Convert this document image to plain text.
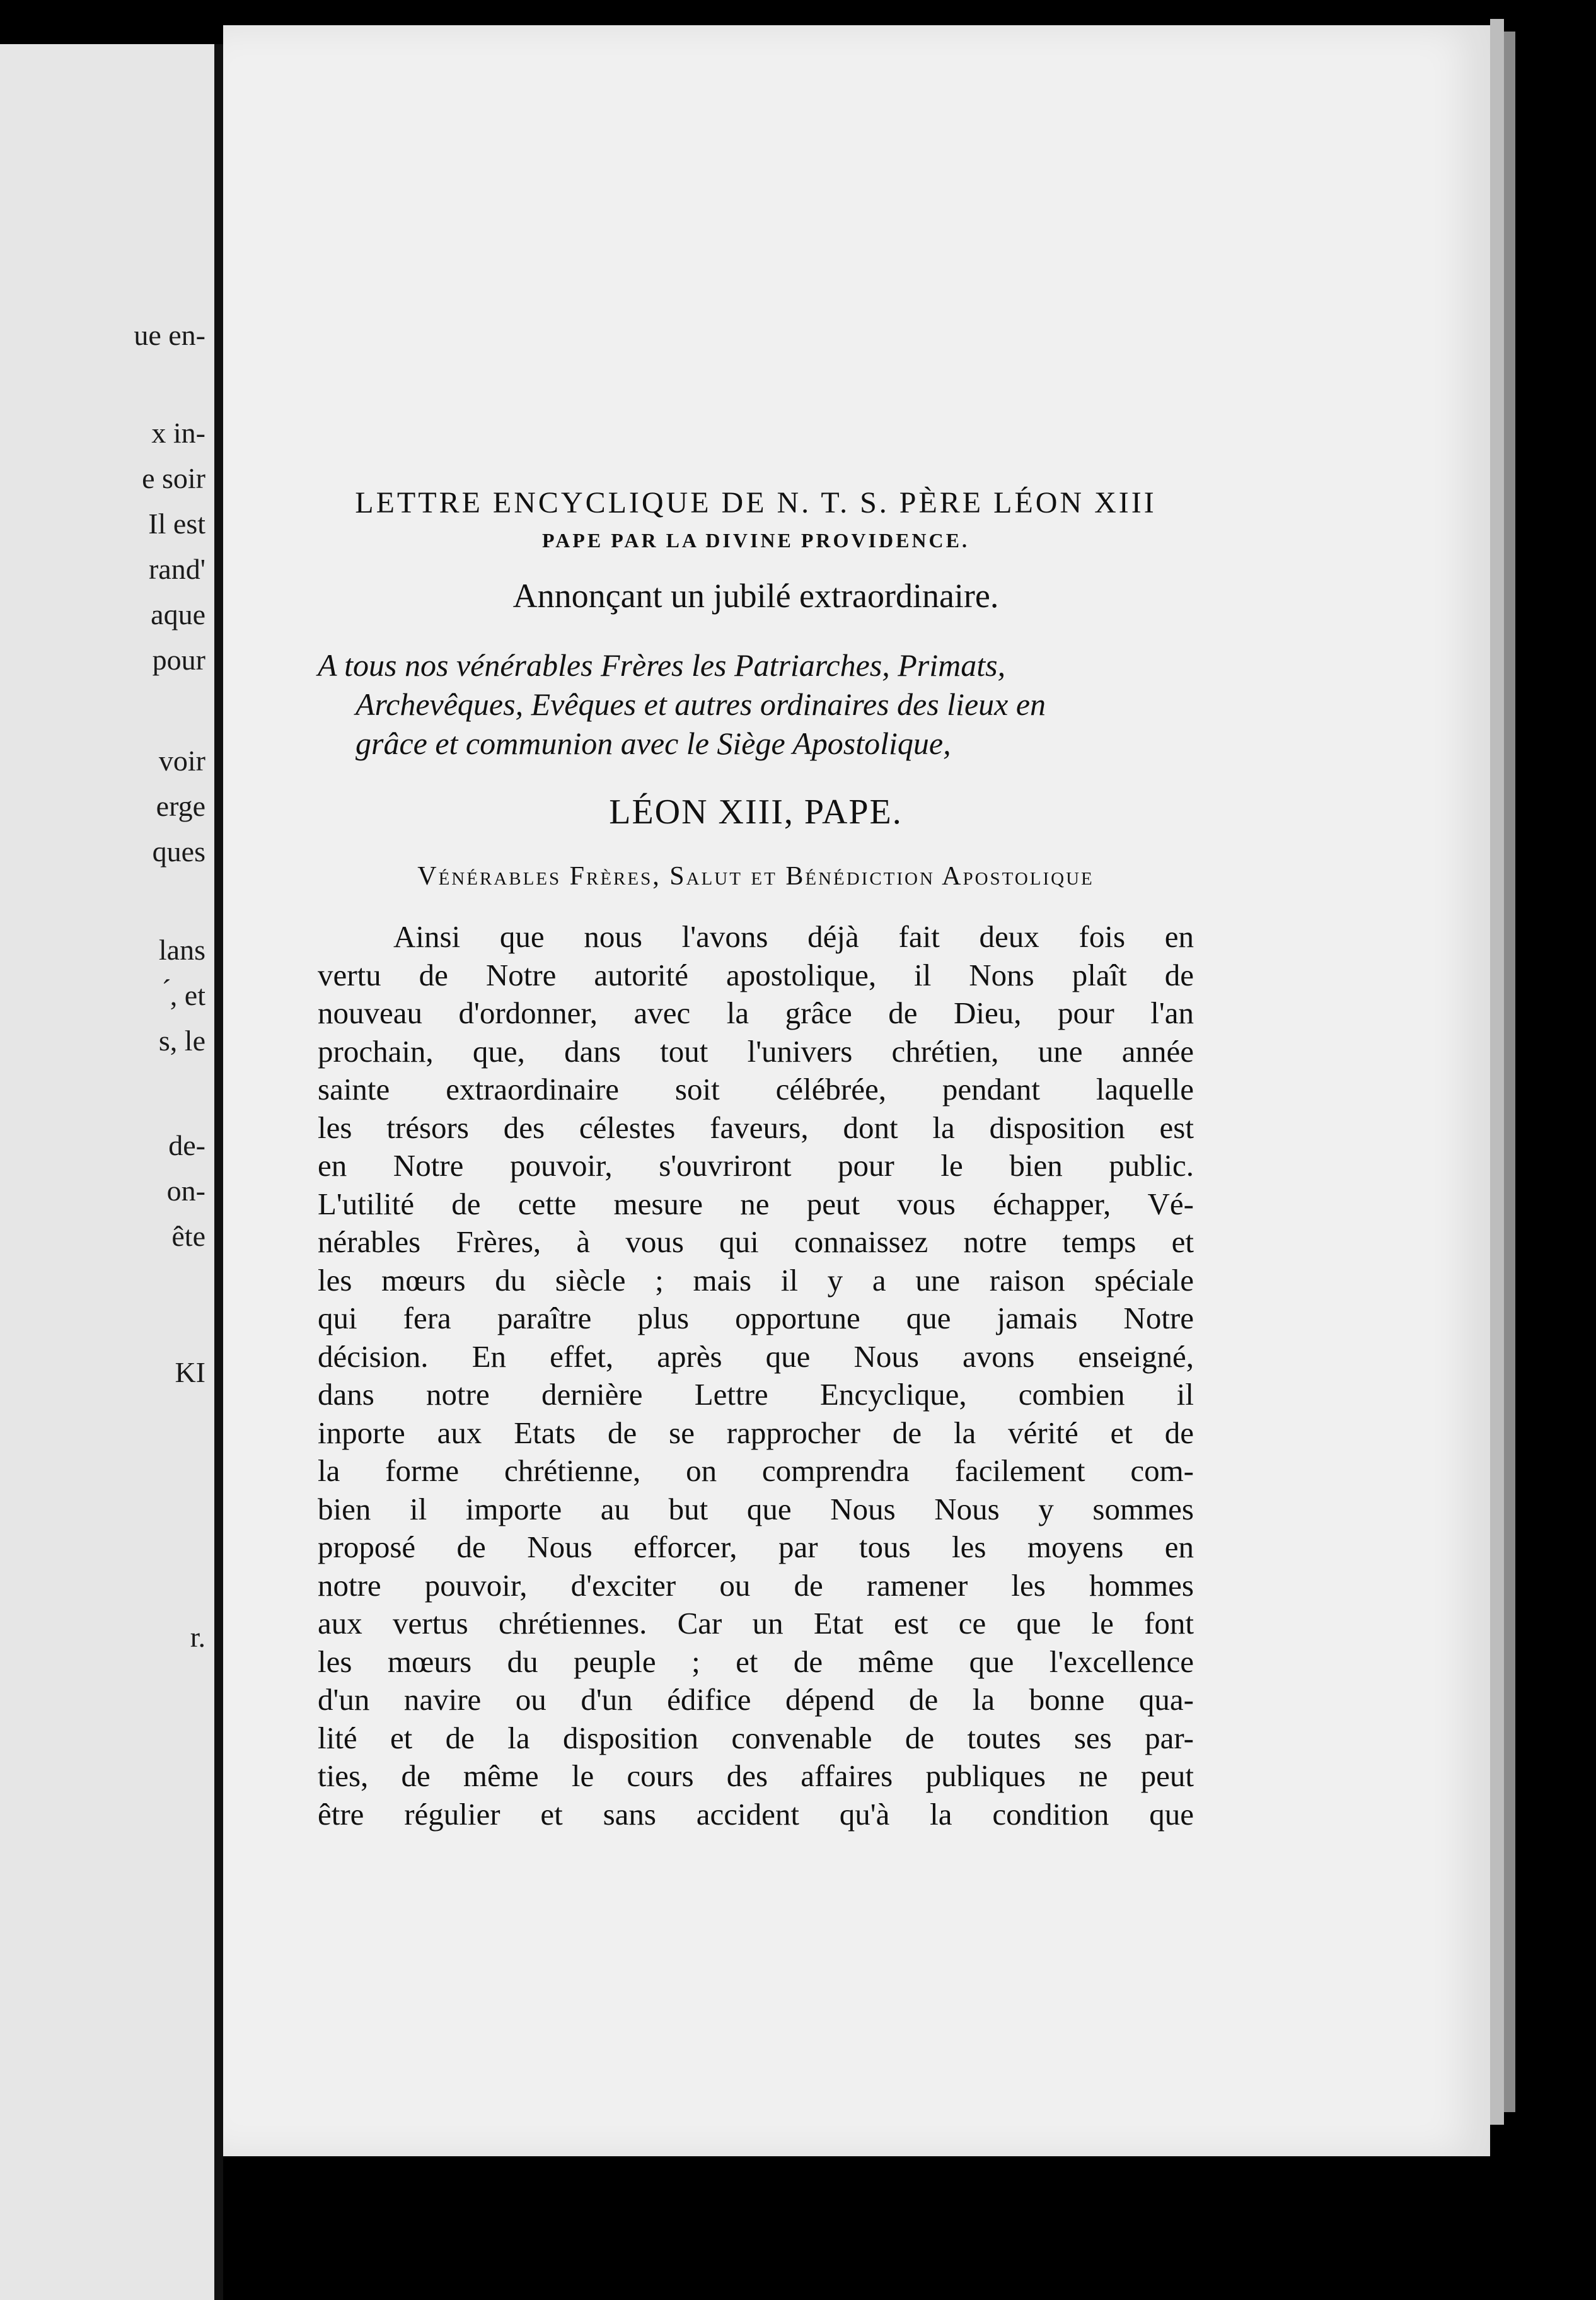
ue en-
x in-
e soir
Il est
rand'
aque
pour
voir
erge
ques
lans
́, et
s, le
de-
on-
ête
KI
r.
LETTRE ENCYCLIQUE DE N. T. S. PÈRE LÉON XIII
PAPE PAR LA DIVINE PROVIDENCE.
Annonçant un jubilé extraordinaire.
A tous nos vénérables Frères les Patriarches, Primats,
Archevêques, Evêques et autres ordinaires des lieux en
grâce et communion avec le Siège Apostolique,
LÉON XIII, PAPE.
Vénérables Frères, Salut et Bénédiction Apostolique
Ainsi que nous l'avons déjà fait deux fois en
vertu de Notre autorité apostolique, il Nons plaît de
nouveau d'ordonner, avec la grâce de Dieu, pour l'an
prochain, que, dans tout l'univers chrétien, une année
sainte extraordinaire soit célébrée, pendant laquelle
les trésors des célestes faveurs, dont la disposition est
en Notre pouvoir, s'ouvriront pour le bien public.
L'utilité de cette mesure ne peut vous échapper, Vé-
nérables Frères, à vous qui connaissez notre temps et
les mœurs du siècle ; mais il y a une raison spéciale
qui fera paraître plus opportune que jamais Notre
décision. En effet, après que Nous avons enseigné,
dans notre dernière Lettre Encyclique, combien il
inporte aux Etats de se rapprocher de la vérité et de
la forme chrétienne, on comprendra facilement com-
bien il importe au but que Nous Nous y sommes
proposé de Nous efforcer, par tous les moyens en
notre pouvoir, d'exciter ou de ramener les hommes
aux vertus chrétiennes. Car un Etat est ce que le font
les mœurs du peuple ; et de même que l'excellence
d'un navire ou d'un édifice dépend de la bonne qua-
lité et de la disposition convenable de toutes ses par-
ties, de même le cours des affaires publiques ne peut
être régulier et sans accident qu'à la condition que
